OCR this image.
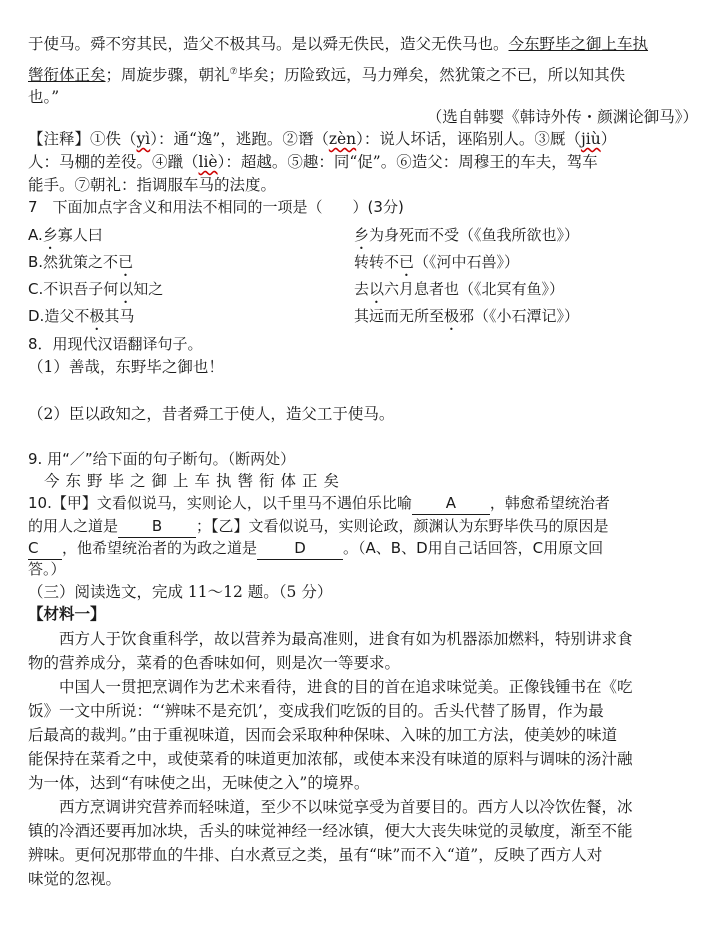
于使马。舜不穷其民，造父不极其马。是以舜无佚民，造父无佚马也。今东野毕之御上车执
辔衔体正矣；周旋步骤，朝礼⑦毕矣；历险致远，马力殚矣，然犹策之不已，所以知其佚
也。”
（选自韩婴《韩诗外传・颜渊论御马》）
【注释】①佚（yì）：通“逸”，逃跑。②谮（zèn）：说人坏话，诬陷别人。③厩（jiù）
人：马棚的差役。④躐（liè）：超越。⑤趣：同“促”。⑥造父：周穆王的车夫，驾车
能手。⑦朝礼：指调服车马的法度。
7　下面加点字含义和用法不相同的一项是（　　）(3分)
A.乡寡人曰	乡为身死而不受（《鱼我所欲也》）
B.然犹策之不已	转转不已（《河中石兽》）
C.不识吾子何以知之	去以六月息者也（《北冥有鱼》）
D.造父不极其马	其远而无所至极邪（《小石潭记》）
8．用现代汉语翻译句子。
（1）善哉，东野毕之御也！
（2）臣以政知之，昔者舜工于使人，造父工于使马。
9. 用“／”给下面的句子断句。（断两处）
今东野毕之御上车执辔衔体正矣
10.【甲】文看似说马，实则论人，以千里马不遇伯乐比喻 A ，韩愈希望统治者
的用人之道是 B ；【乙】文看似说马，实则论政，颜渊认为东野毕佚马的原因是
C ，他希望统治者的为政之道是 D 。（A、B、D用自己话回答，C用原文回
答。）
（三）阅读选文，完成 11～12 题。（5 分）
【材料一】
　　西方人于饮食重科学，故以营养为最高准则，进食有如为机器添加燃料，特别讲求食
物的营养成分，菜肴的色香味如何，则是次一等要求。
　　中国人一贯把烹调作为艺术来看待，进食的目的首在追求味觉美。正像钱锺书在《吃
饭》一文中所说：“‘辨味不是充饥’，变成我们吃饭的目的。舌头代替了肠胃，作为最
后最高的裁判。”由于重视味道，因而会采取种种保味、入味的加工方法，使美妙的味道
能保持在菜肴之中，或使菜肴的味道更加浓郁，或使本来没有味道的原料与调味的汤汁融
为一体，达到“有味使之出，无味使之入”的境界。
　　西方烹调讲究营养而轻味道，至少不以味觉享受为首要目的。西方人以冷饮佐餐，冰
镇的冷酒还要再加冰块，舌头的味觉神经一经冰镇，便大大丧失味觉的灵敏度，渐至不能
辨味。更何况那带血的牛排、白水煮豆之类，虽有“味”而不入“道”，反映了西方人对
味觉的忽视。
